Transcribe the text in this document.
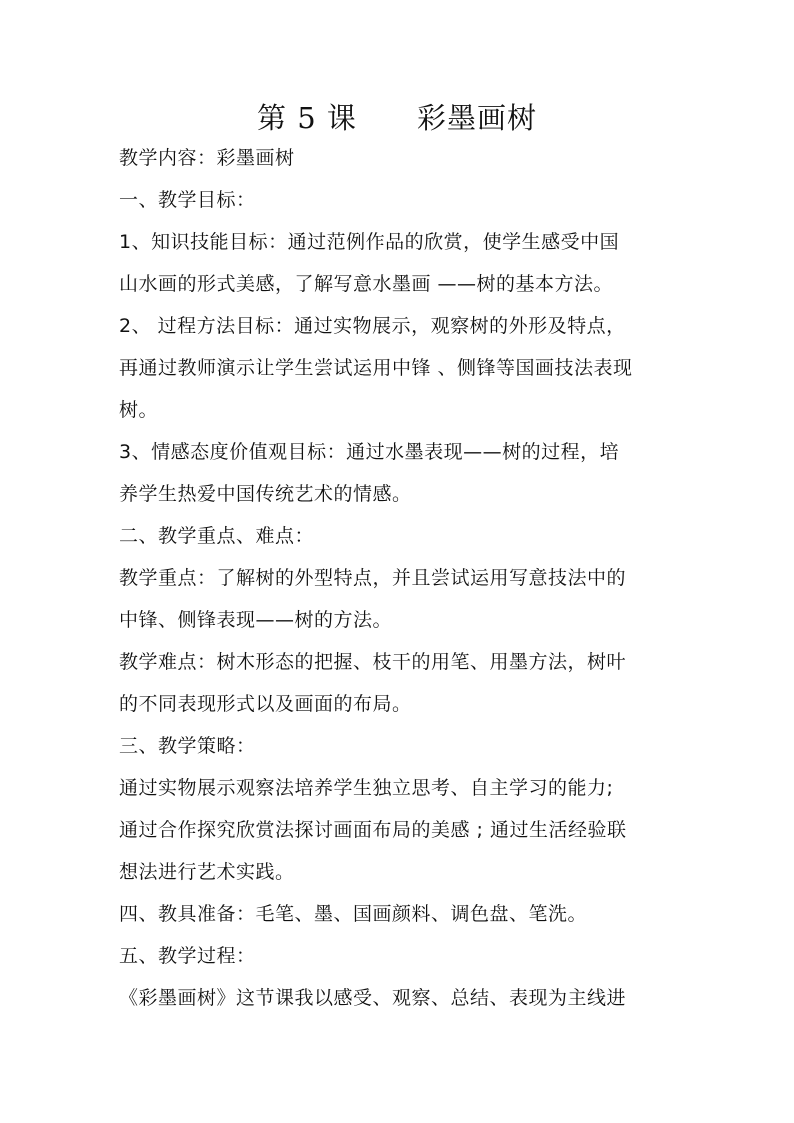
第 5 课 彩墨画树
教学内容：彩墨画树
一、教学目标：
1、知识技能目标：通过范例作品的欣赏，使学生感受中国
山水画的形式美感，了解写意水墨画 ——树的基本方法。
2、 过程方法目标：通过实物展示，观察树的外形及特点，
再通过教师演示让学生尝试运用中锋 、侧锋等国画技法表现
树。
3、情感态度价值观目标：通过水墨表现——树的过程，培
养学生热爱中国传统艺术的情感。
二、教学重点、难点：
教学重点：了解树的外型特点，并且尝试运用写意技法中的
中锋、侧锋表现——树的方法。
教学难点：树木形态的把握、枝干的用笔、用墨方法，树叶
的不同表现形式以及画面的布局。
三、教学策略：
通过实物展示观察法培养学生独立思考、自主学习的能力;
通过合作探究欣赏法探讨画面布局的美感 ; 通过生活经验联
想法进行艺术实践。
四、教具准备：毛笔、墨、国画颜料、调色盘、笔洗。
五、教学过程：
《彩墨画树》这节课我以感受、观察、总结、表现为主线进
